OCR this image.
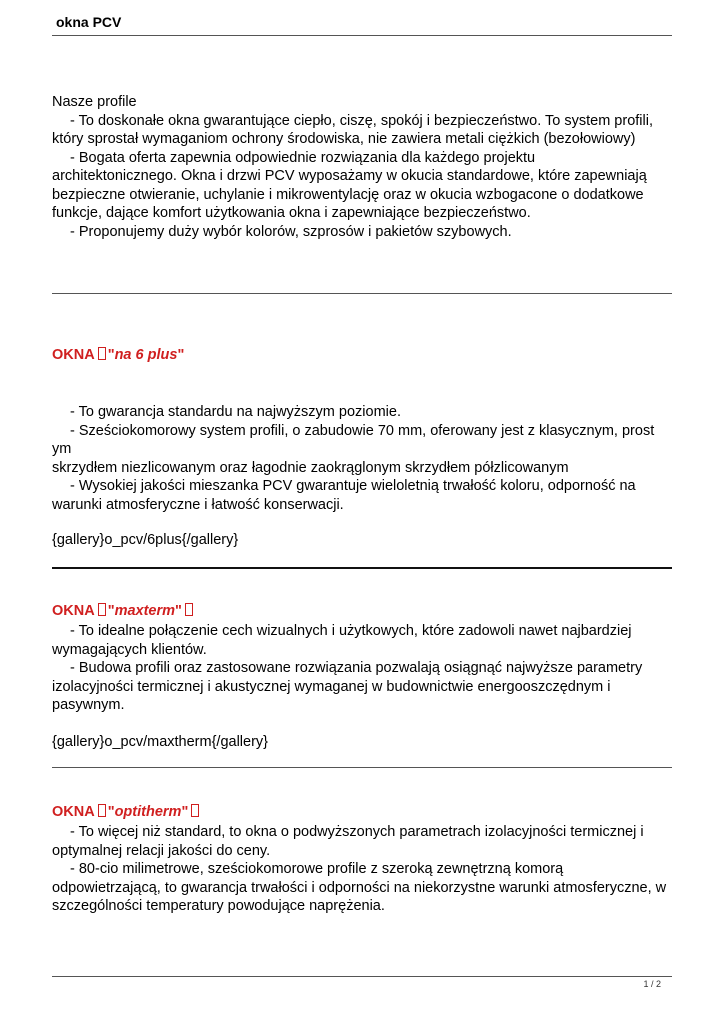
okna PCV
Nasze profile
- To doskonałe okna gwarantujące ciepło, ciszę, spokój i bezpieczeństwo. To system profili,
który sprostał wymaganiom ochrony środowiska, nie zawiera metali ciężkich (bezołowiowy)
- Bogata oferta zapewnia odpowiednie rozwiązania dla każdego projektu
architektonicznego. Okna i drzwi PCV wyposażamy w okucia standardowe, które zapewniają
bezpieczne otwieranie, uchylanie i mikrowentylację oraz w okucia wzbogacone o dodatkowe
funkcje, dające komfort użytkowania okna i zapewniające bezpieczeństwo.
- Proponujemy duży wybór kolorów, szprosów i pakietów szybowych.
OKNA "na 6 plus"
- To gwarancja standardu na najwyższym poziomie.
- Sześciokomorowy system profili, o zabudowie 70 mm, oferowany jest z klasycznym, prost
ym
skrzydłem niezlicowanym oraz łagodnie zaokrąglonym skrzydłem półzlicowanym
- Wysokiej jakości mieszanka PCV gwarantuje wieloletnią trwałość koloru, odporność na
warunki atmosferyczne i łatwość konserwacji.
{gallery}o_pcv/6plus{/gallery}
OKNA "maxterm"
- To idealne połączenie cech wizualnych i użytkowych, które zadowoli nawet najbardziej
wymagających klientów.
- Budowa profili oraz zastosowane rozwiązania pozwalają osiągnąć najwyższe parametry
izolacyjności termicznej i akustycznej wymaganej w budownictwie energooszczędnym i
pasywnym.
{gallery}o_pcv/maxtherm{/gallery}
OKNA "optitherm"
- To więcej niż standard, to okna o podwyższonych parametrach izolacyjności termicznej i
optymalnej relacji jakości do ceny.
- 80-cio milimetrowe, sześciokomorowe profile z szeroką zewnętrzną komorą
odpowietrzającą, to gwarancja trwałości i odporności na niekorzystne warunki atmosferyczne, w
szczególności temperatury powodujące naprężenia.
1 / 2
